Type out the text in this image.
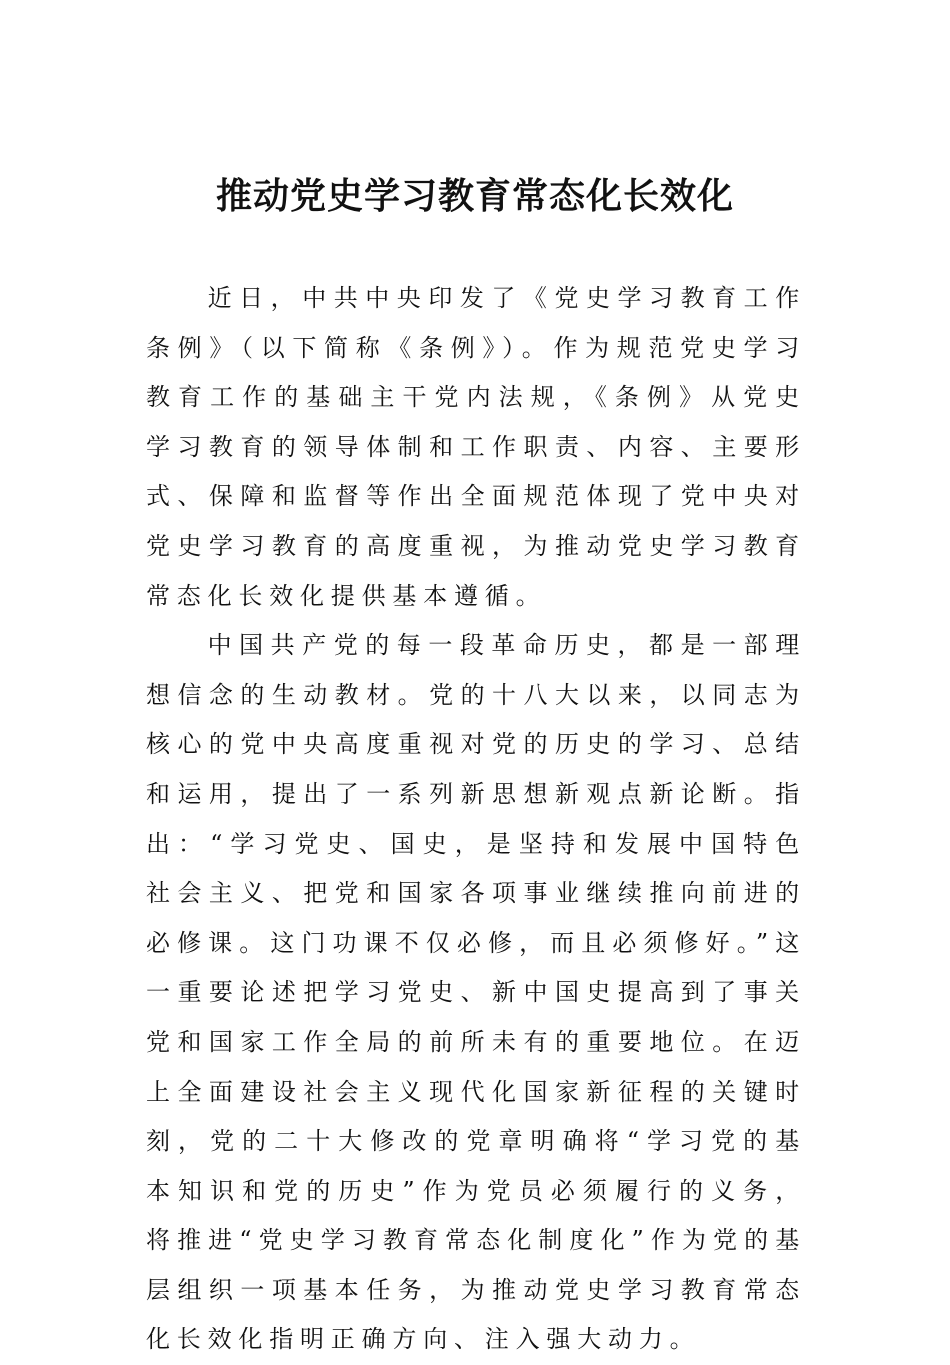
推动党史学习教育常态化长效化

近日，中共中央印发了《党史学习教育工作条例》（以下简称《条例》）。作为规范党史学习教育工作的基础主干党内法规，《条例》从党史学习教育的领导体制和工作职责、内容、主要形式、保障和监督等作出全面规范体现了党中央对党史学习教育的高度重视，为推动党史学习教育常态化长效化提供基本遵循。

中国共产党的每一段革命历史，都是一部理想信念的生动教材。党的十八大以来，以同志为核心的党中央高度重视对党的历史的学习、总结和运用，提出了一系列新思想新观点新论断。指出：“学习党史、国史，是坚持和发展中国特色社会主义、把党和国家各项事业继续推向前进的必修课。这门功课不仅必修，而且必须修好。”这一重要论述把学习党史、新中国史提高到了事关党和国家工作全局的前所未有的重要地位。在迈上全面建设社会主义现代化国家新征程的关键时刻，党的二十大修改的党章明确将“学习党的基本知识和党的历史”作为党员必须履行的义务，将推进“党史学习教育常态化制度化”作为党的基层组织一项基本任务，为推动党史学习教育常态化长效化指明正确方向、注入强大动力。
